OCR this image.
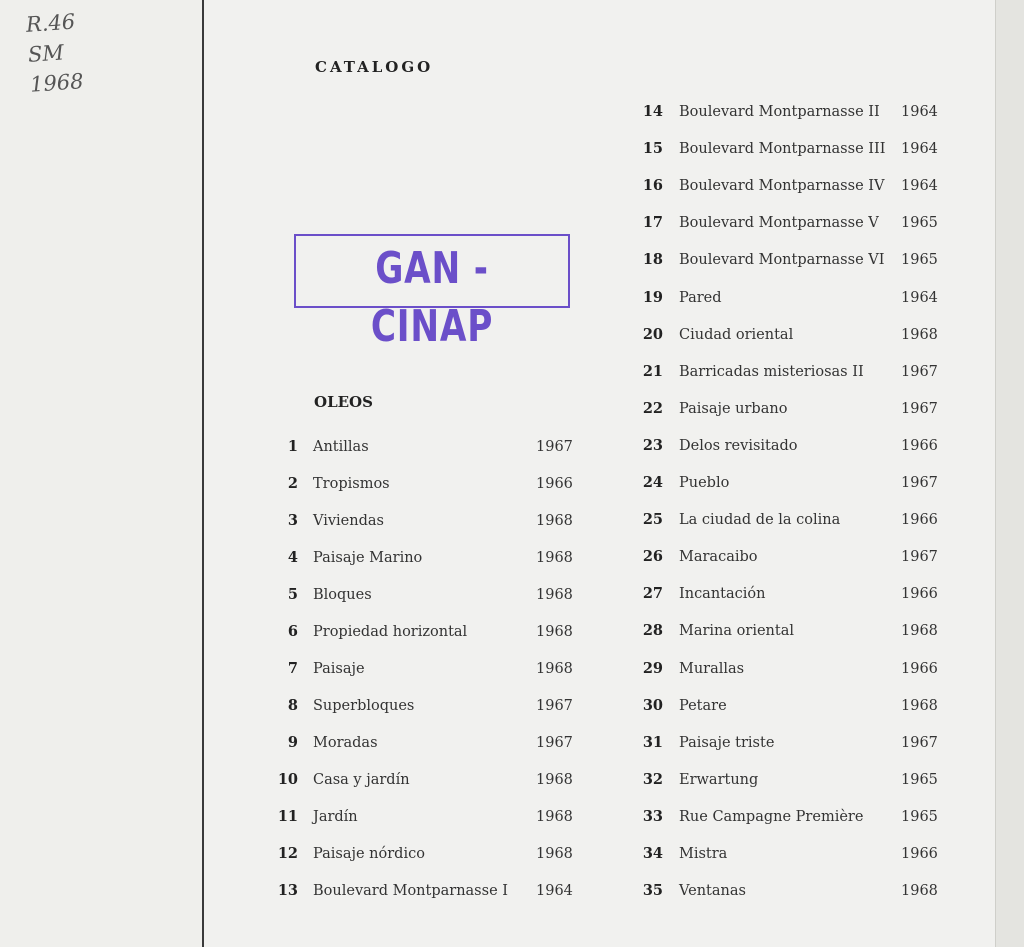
R.46
SM
1968
CATALOGO
GAN - CINAP
OLEOS
1 Antillas	1967
2 Tropismos	1966
3 Viviendas	1968
4 Paisaje Marino	1968
5 Bloques	1968
6 Propiedad horizontal	1968
7 Paisaje	1968
8 Superbloques	1967
9 Moradas	1967
10 Casa y jardín	1968
11 Jardín	1968
12 Paisaje nórdico	1968
13 Boulevard Montparnasse I 1964
14 Boulevard Montparnasse II 1964
15 Boulevard Montparnasse III 1964
16 Boulevard Montparnasse IV 1964
17 Boulevard Montparnasse V 1965
18 Boulevard Montparnasse VI 1965
19 Pared	1964
20 Ciudad oriental	1968
21 Barricadas misteriosas II	1967
22 Paisaje urbano	1967
23 Delos revisitado	1966
24 Pueblo	1967
25 La ciudad de la colina	1966
26 Maracaibo	1967
27 Incantación	1966
28 Marina oriental	1968
29 Murallas	1966
30 Petare	1968
31 Paisaje triste	1967
32 Erwartung	1965
33 Rue Campagne Première	1965
34 Mistra	1966
35 Ventanas	1968
